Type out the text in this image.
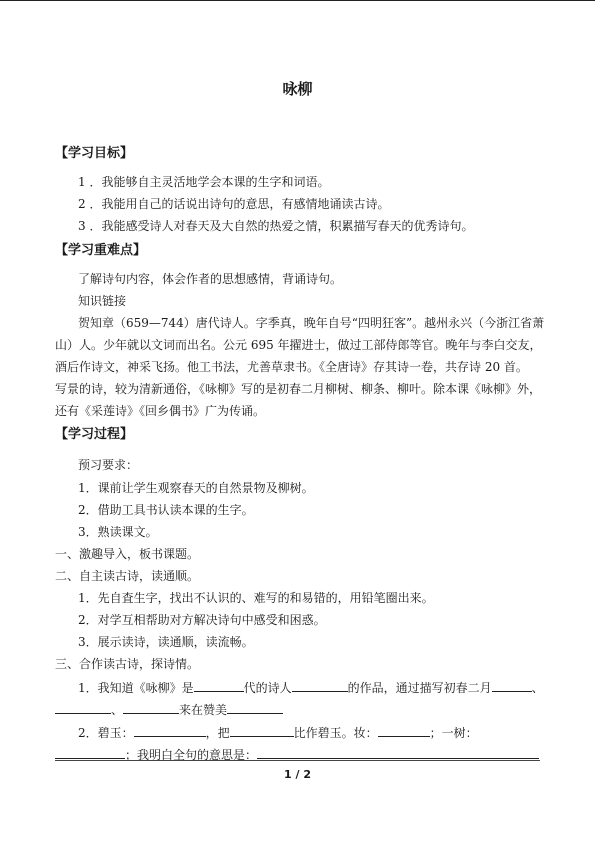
咏柳
【学习目标】
1 ．我能够自主灵活地学会本课的生字和词语。
2 ．我能用自己的话说出诗句的意思，有感情地诵读古诗。
3 ．我能感受诗人对春天及大自然的热爱之情，积累描写春天的优秀诗句。
【学习重难点】
了解诗句内容，体会作者的思想感情，背诵诗句。
知识链接
贺知章（659—744）唐代诗人。字季真，晚年自号“四明狂客”。越州永兴（今浙江省萧
山）人。少年就以文词而出名。公元 695 年擢进士，做过工部侍郎等官。晚年与李白交友，
酒后作诗文，神采飞扬。他工书法，尤善草隶书。《全唐诗》存其诗一卷，共存诗 20 首。
写景的诗，较为清新通俗，《咏柳》写的是初春二月柳树、柳条、柳叶。除本课《咏柳》外，
还有《采莲诗》《回乡偶书》广为传诵。
【学习过程】
预习要求：
1．课前让学生观察春天的自然景物及柳树。
2．借助工具书认读本课的生字。
3．熟读课文。
一、激趣导入，板书课题。
二、自主读古诗，读通顺。
1．先自査生字，找出不认识的、难写的和易错的，用铅笔圈出来。
2．对学互相帮助对方解决诗句中感受和困惑。
3．展示读诗，读通顺，读流畅。
三、合作读古诗，探诗情。
1．我知道《咏柳》是	代的诗人	的作品，通过描写初春二月	、
、	来在赞美
2．碧玉：	，把	比作碧玉。妆：	；一树：
；我明白全句的意思是：
1 / 2
